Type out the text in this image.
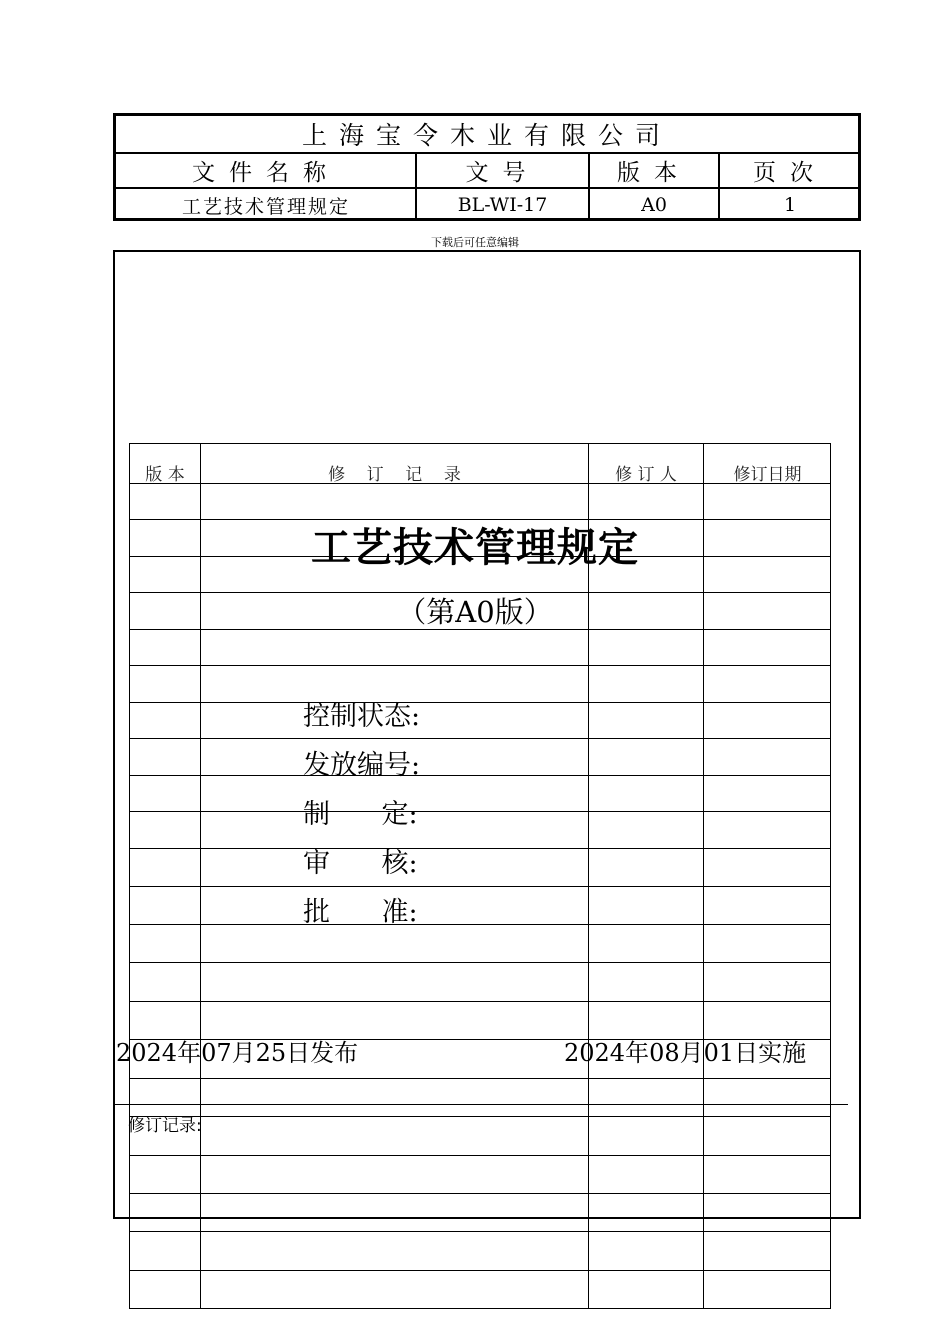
上海宝令木业有限公司
文件名称	文号	版本	页次
工艺技术管理规定	BL-WI-17	A0	1
下载后可任意编辑
版 本	修    订    记    录	修 订 人	修订日期
工艺技术管理规定
（第A0版）
控制状态:
发放编号:
制      定:
审      核:
批      准:
2024年07月25日发布	2024年08月01日实施
修订记录:
